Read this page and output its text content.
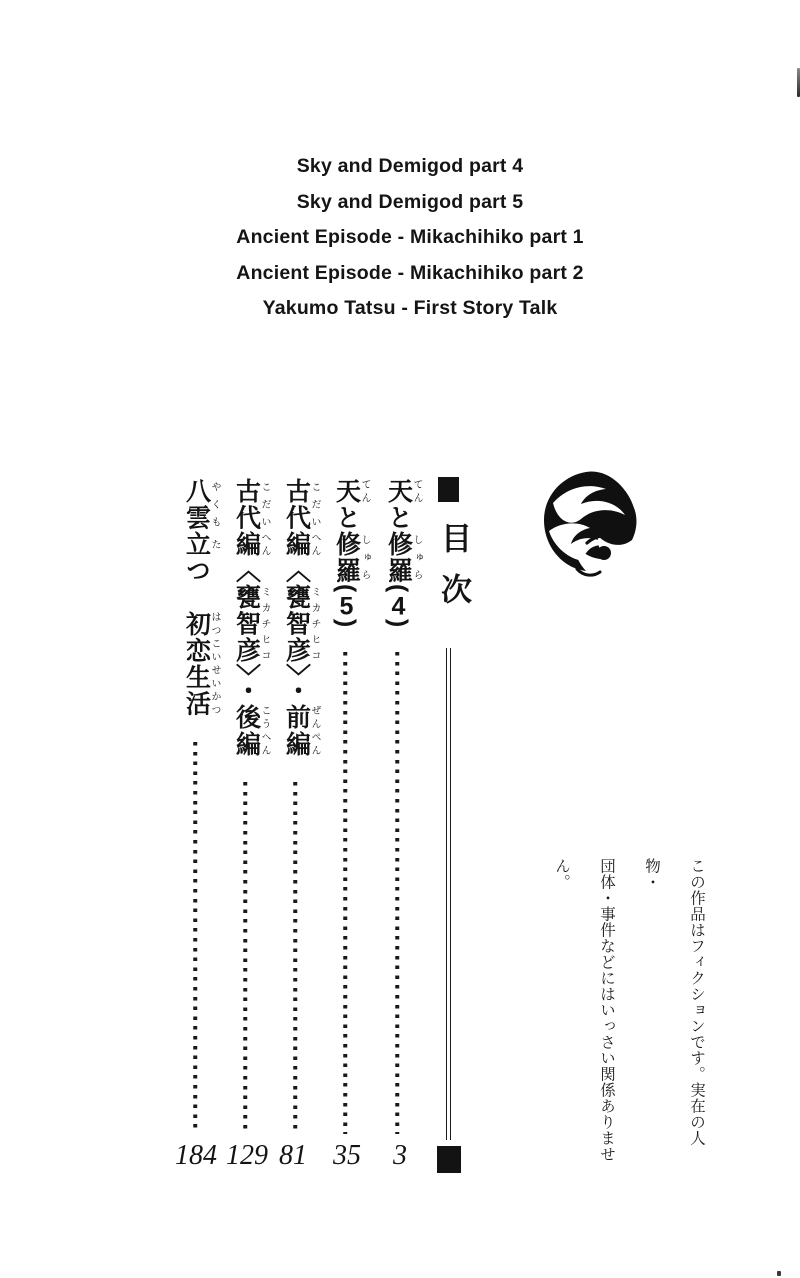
Sky and Demigod part 4
Sky and Demigod part 5
Ancient Episode - Mikachihiko part 1
Ancient Episode - Mikachihiko part 2
Yakumo Tatsu - First Story Talk
目次
天てんと修羅しゅら(4)
天てんと修羅しゅら(5)
古代こだい編へん〈甕智彦ミカチヒコ〉・前ぜん編ぺん
古代こだい編へん〈甕智彦ミカチヒコ〉・後こう編へん
八雲やくも立たつ　初恋はつこい生活せいかつ
3
35
81
129
184
この作品はフィクションです。実在の人物・
団体・事件などにはいっさい関係ありません。
